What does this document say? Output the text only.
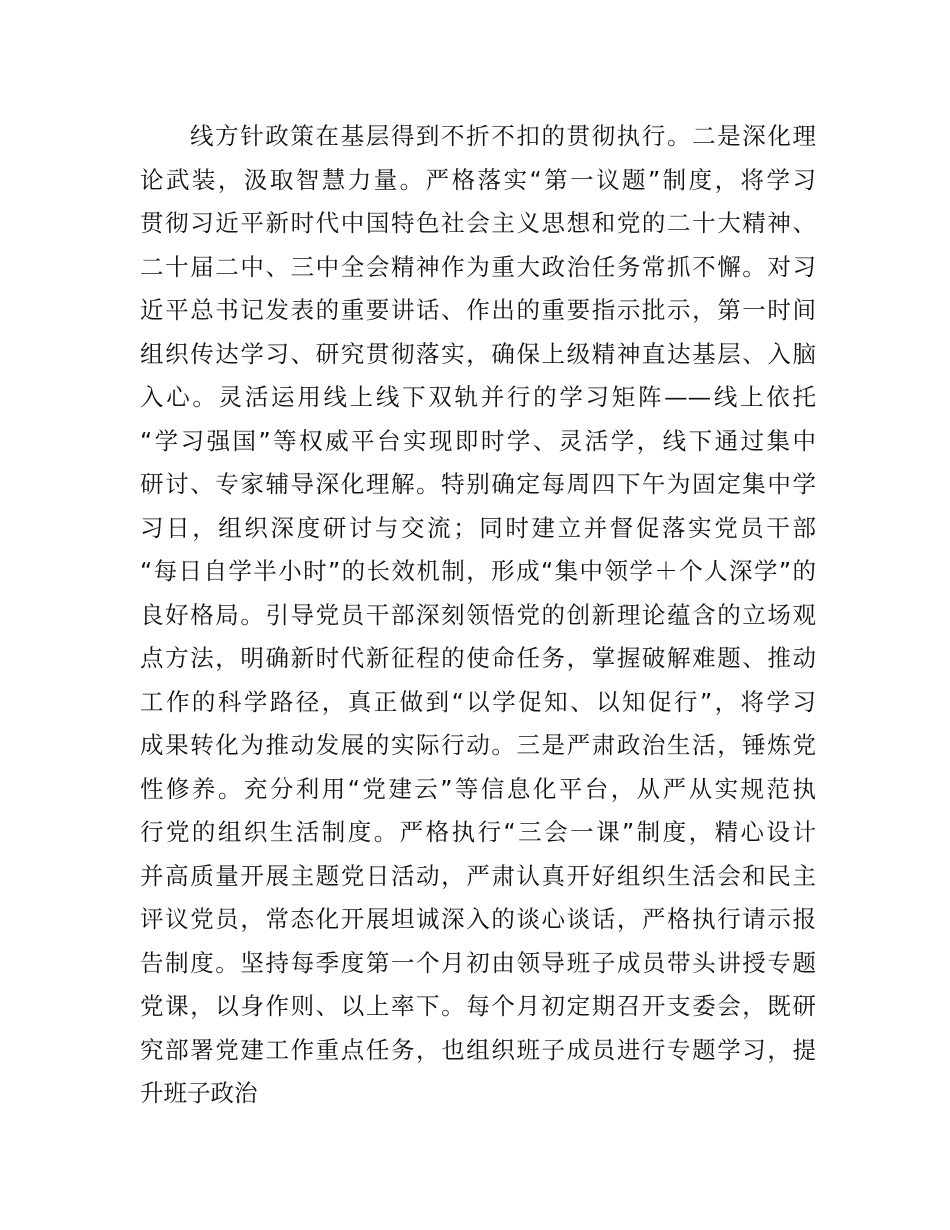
线方针政策在基层得到不折不扣的贯彻执行。二是深化理
论武装，汲取智慧力量。严格落实“第一议题”制度，将学习
贯彻习近平新时代中国特色社会主义思想和党的二十大精神、
二十届二中、三中全会精神作为重大政治任务常抓不懈。对习
近平总书记发表的重要讲话、作出的重要指示批示，第一时间
组织传达学习、研究贯彻落实，确保上级精神直达基层、入脑
入心。灵活运用线上线下双轨并行的学习矩阵——线上依托
“学习强国”等权威平台实现即时学、灵活学，线下通过集中
研讨、专家辅导深化理解。特别确定每周四下午为固定集中学
习日，组织深度研讨与交流；同时建立并督促落实党员干部
“每日自学半小时”的长效机制，形成“集中领学＋个人深学”的
良好格局。引导党员干部深刻领悟党的创新理论蕴含的立场观
点方法，明确新时代新征程的使命任务，掌握破解难题、推动
工作的科学路径，真正做到“以学促知、以知促行”，将学习
成果转化为推动发展的实际行动。三是严肃政治生活，锤炼党
性修养。充分利用“党建云”等信息化平台，从严从实规范执
行党的组织生活制度。严格执行“三会一课”制度，精心设计
并高质量开展主题党日活动，严肃认真开好组织生活会和民主
评议党员，常态化开展坦诚深入的谈心谈话，严格执行请示报
告制度。坚持每季度第一个月初由领导班子成员带头讲授专题
党课，以身作则、以上率下。每个月初定期召开支委会，既研
究部署党建工作重点任务，也组织班子成员进行专题学习，提
升班子政治
